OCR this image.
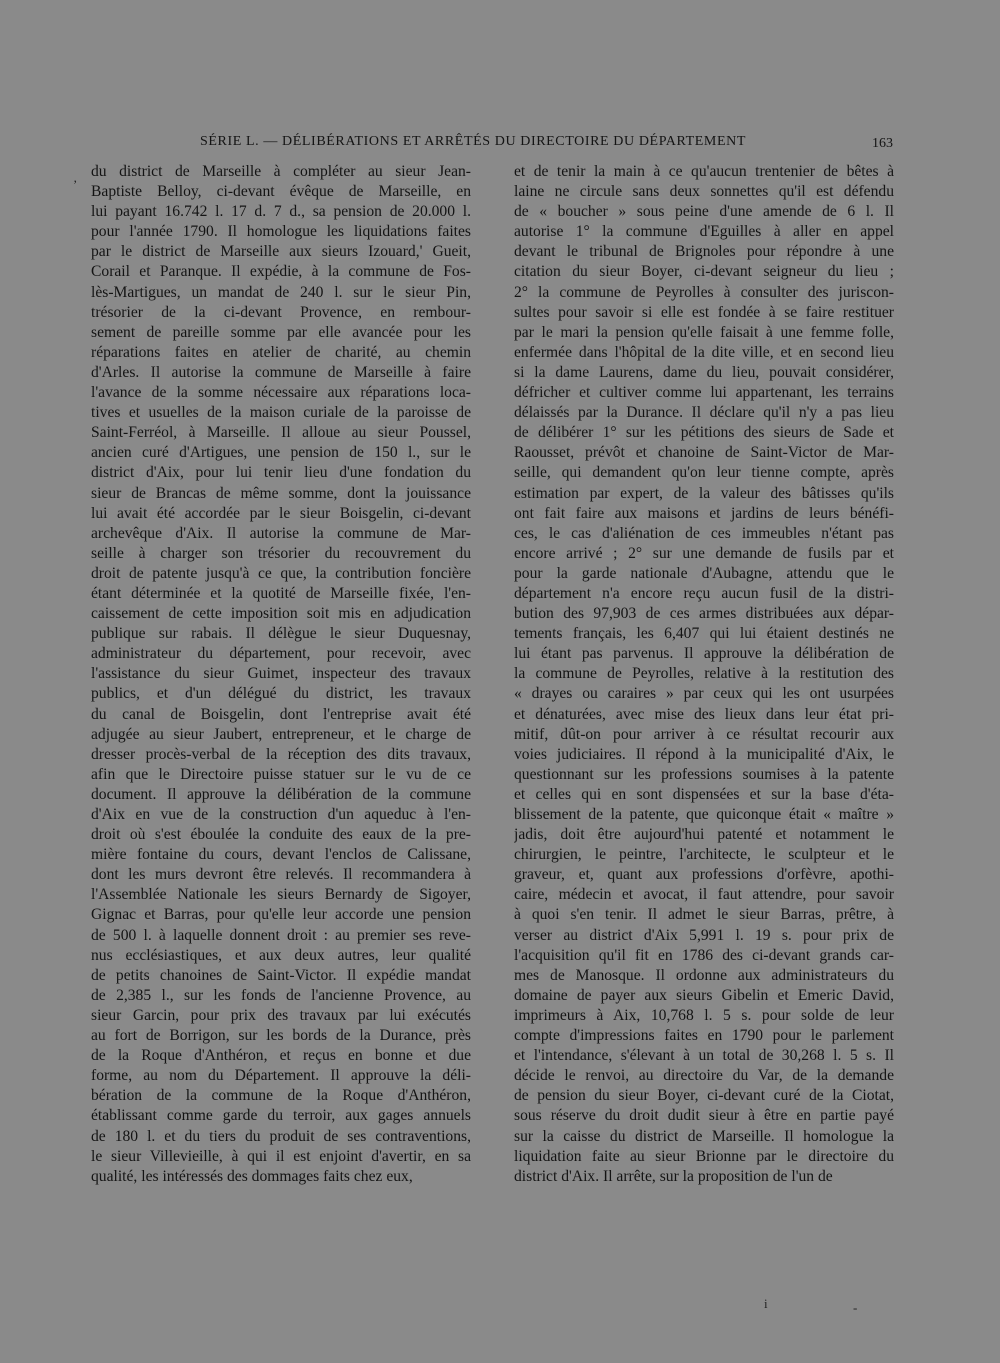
SÉRIE L. — DÉLIBÉRATIONS ET ARRÊTÉS DU DIRECTOIRE DU DÉPARTEMENT	163
‚ du district de Marseille à compléter au sieur Jean-
Baptiste Belloy, ci-devant évêque de Marseille, en
lui payant 16.742 l. 17 d. 7 d., sa pension de 20.000 l.
pour l'année 1790. Il homologue les liquidations faites
par le district de Marseille aux sieurs Izouard,' Gueit,
Corail et Paranque. Il expédie, à la commune de Fos-
lès-Martigues, un mandat de 240 l. sur le sieur Pin,
trésorier de la ci-devant Provence, en rembour-
sement de pareille somme par elle avancée pour les
réparations faites en atelier de charité, au chemin
d'Arles. Il autorise la commune de Marseille à faire
l'avance de la somme nécessaire aux réparations loca-
tives et usuelles de la maison curiale de la paroisse de
Saint-Ferréol, à Marseille. Il alloue au sieur Poussel,
ancien curé d'Artigues, une pension de 150 l., sur le
district d'Aix, pour lui tenir lieu d'une fondation du
sieur de Brancas de même somme, dont la jouissance
lui avait été accordée par le sieur Boisgelin, ci-devant
archevêque d'Aix. Il autorise la commune de Mar-
seille à charger son trésorier du recouvrement du
droit de patente jusqu'à ce que, la contribution foncière
étant déterminée et la quotité de Marseille fixée, l'en-
caissement de cette imposition soit mis en adjudication
publique sur rabais. Il délègue le sieur Duquesnay,
administrateur du département, pour recevoir, avec
l'assistance du sieur Guimet, inspecteur des travaux
publics, et d'un délégué du district, les travaux
du canal de Boisgelin, dont l'entreprise avait été
adjugée au sieur Jaubert, entrepreneur, et le charge de
dresser procès-verbal de la réception des dits travaux,
afin que le Directoire puisse statuer sur le vu de ce
document. Il approuve la délibération de la commune
d'Aix en vue de la construction d'un aqueduc à l'en-
droit où s'est éboulée la conduite des eaux de la pre-
mière fontaine du cours, devant l'enclos de Calissane,
dont les murs devront être relevés. Il recommandera à
l'Assemblée Nationale les sieurs Bernardy de Sigoyer,
Gignac et Barras, pour qu'elle leur accorde une pension
de 500 l. à laquelle donnent droit : au premier ses reve-
nus ecclésiastiques, et aux deux autres, leur qualité
de petits chanoines de Saint-Victor. Il expédie mandat
de 2,385 l., sur les fonds de l'ancienne Provence, au
sieur Garcin, pour prix des travaux par lui exécutés
au fort de Borrigon, sur les bords de la Durance, près
de la Roque d'Anthéron, et reçus en bonne et due
forme, au nom du Département. Il approuve la déli-
bération de la commune de la Roque d'Anthéron,
établissant comme garde du terroir, aux gages annuels
de 180 l. et du tiers du produit de ses contraventions,
le sieur Villevieille, à qui il est enjoint d'avertir, en sa
qualité, les intéressés des dommages faits chez eux,
et de tenir la main à ce qu'aucun trentenier de bêtes à
laine ne circule sans deux sonnettes qu'il est défendu
de « boucher » sous peine d'une amende de 6 l. Il
autorise 1° la commune d'Eguilles à aller en appel
devant le tribunal de Brignoles pour répondre à une
citation du sieur Boyer, ci-devant seigneur du lieu ;
2° la commune de Peyrolles à consulter des juriscon-
sultes pour savoir si elle est fondée à se faire restituer
par le mari la pension qu'elle faisait à une femme folle,
enfermée dans l'hôpital de la dite ville, et en second lieu
si la dame Laurens, dame du lieu, pouvait considérer,
défricher et cultiver comme lui appartenant, les terrains
délaissés par la Durance. Il déclare qu'il n'y a pas lieu
de délibérer 1° sur les pétitions des sieurs de Sade et
Raousset, prévôt et chanoine de Saint-Victor de Mar-
seille, qui demandent qu'on leur tienne compte, après
estimation par expert, de la valeur des bâtisses qu'ils
ont fait faire aux maisons et jardins de leurs bénéfi-
ces, le cas d'aliénation de ces immeubles n'étant pas
encore arrivé ; 2° sur une demande de fusils par et
pour la garde nationale d'Aubagne, attendu que le
département n'a encore reçu aucun fusil de la distri-
bution des 97,903 de ces armes distribuées aux dépar-
tements français, les 6,407 qui lui étaient destinés ne
lui étant pas parvenus. Il approuve la délibération de
la commune de Peyrolles, relative à la restitution des
« drayes ou caraires » par ceux qui les ont usurpées
et dénaturées, avec mise des lieux dans leur état pri-
mitif, dût-on pour arriver à ce résultat recourir aux
voies judiciaires. Il répond à la municipalité d'Aix, le
questionnant sur les professions soumises à la patente
et celles qui en sont dispensées et sur la base d'éta-
blissement de la patente, que quiconque était « maître »
jadis, doit être aujourd'hui patenté et notamment le
chirurgien, le peintre, l'architecte, le sculpteur et le
graveur, et, quant aux professions d'orfèvre, apothi-
caire, médecin et avocat, il faut attendre, pour savoir
à quoi s'en tenir. Il admet le sieur Barras, prêtre, à
verser au district d'Aix 5,991 l. 19 s. pour prix de
l'acquisition qu'il fit en 1786 des ci-devant grands car-
mes de Manosque. Il ordonne aux administrateurs du
domaine de payer aux sieurs Gibelin et Emeric David,
imprimeurs à Aix, 10,768 l. 5 s. pour solde de leur
compte d'impressions faites en 1790 pour le parlement
et l'intendance, s'élevant à un total de 30,268 l. 5 s. Il
décide le renvoi, au directoire du Var, de la demande
de pension du sieur Boyer, ci-devant curé de la Ciotat,
sous réserve du droit dudit sieur à être en partie payé
sur la caisse du district de Marseille. Il homologue la
liquidation faite au sieur Brionne par le directoire du
district d'Aix. Il arrête, sur la proposition de l'un de
i	-
